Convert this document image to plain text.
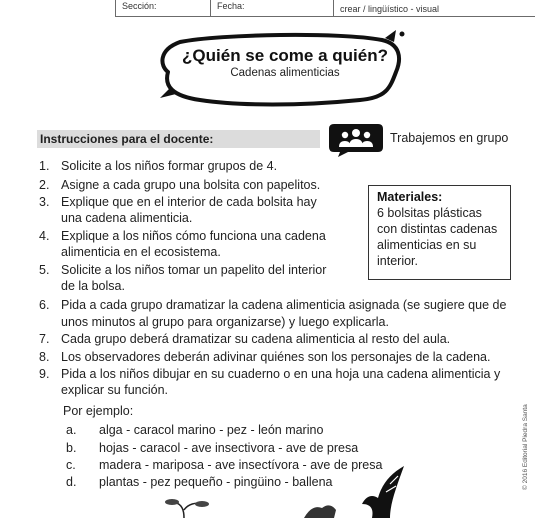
Sección:	Fecha:	crear / lingüístico - visual
¿Quién se come a quién?
Cadenas alimenticias
Instrucciones para el docente:	Trabajemos en grupo
1. Solicite a los niños formar grupos de 4.
2. Asigne a cada grupo una bolsita con papelitos.
3. Explique que en el interior de cada bolsita hay
una cadena alimenticia.
4. Explique a los niños cómo funciona una cadena
alimenticia en el ecosistema.
5. Solicite a los niños tomar un papelito del interior
de la bolsa.
6. Pida a cada grupo dramatizar la cadena alimenticia asignada (se sugiere que de
unos minutos al grupo para organizarse) y luego explicarla.
7. Cada grupo deberá dramatizar su cadena alimenticia al resto del aula.
8. Los observadores deberán adivinar quiénes son los personajes de la cadena.
9. Pida a los niños dibujar en su cuaderno o en una hoja una cadena alimenticia y
explicar su función.
Materiales:
6 bolsitas plásticas
con distintas cadenas
alimenticias en su
interior.
Por ejemplo:
a. alga - caracol marino - pez - león marino
b. hojas - caracol - ave insectivora - ave de presa
c. madera - mariposa - ave insectívora - ave de presa
d. plantas - pez pequeño - pingüino - ballena	© 2016 Editorial Piedra Santa
